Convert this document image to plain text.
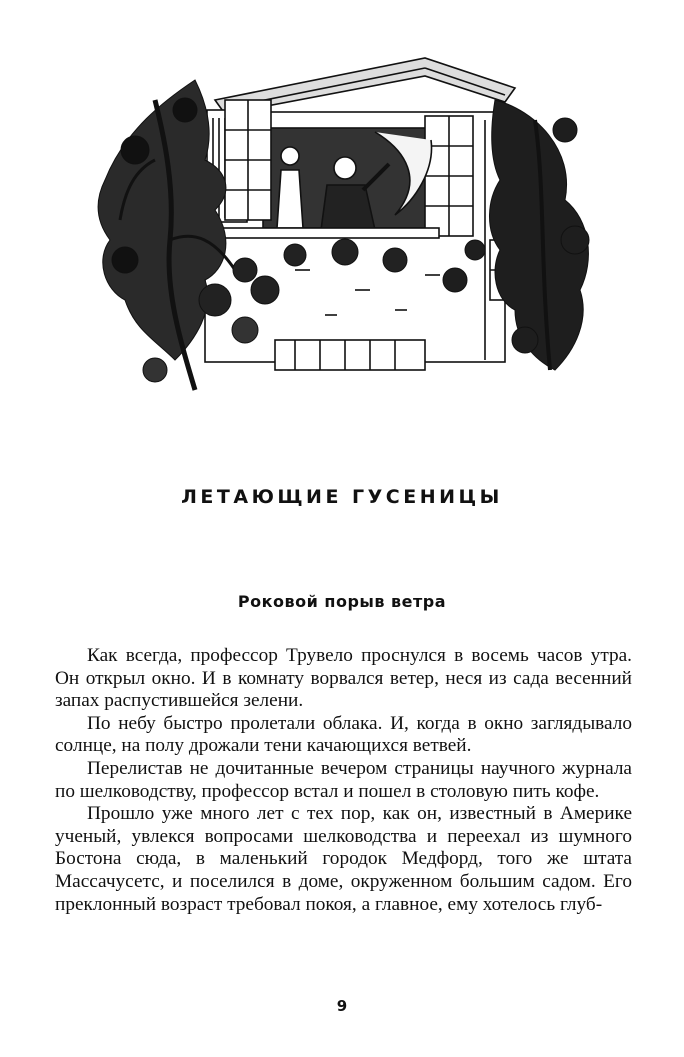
ЛЕТАЮЩИЕ ГУСЕНИЦЫ
Роковой порыв ветра

Как всегда, профессор Трувело проснулся в восемь часов утра. Он открыл окно. И в комнату ворвался ветер, неся из сада весенний запах распустившейся зелени.

По небу быстро пролетали облака. И, когда в окно заглядывало солнце, на полу дрожали тени качающихся ветвей.

Перелистав не дочитанные вечером страницы научного журнала по шелководству, профессор встал и пошел в столовую пить кофе.

Прошло уже много лет с тех пор, как он, известный в Америке ученый, увлекся вопросами шелководства и переехал из шумного Бостона сюда, в маленький городок Медфорд, того же штата Массачусетс, и поселился в доме, окруженном большим садом. Его преклонный возраст требовал покоя, а главное, ему хотелось глуб-

9
